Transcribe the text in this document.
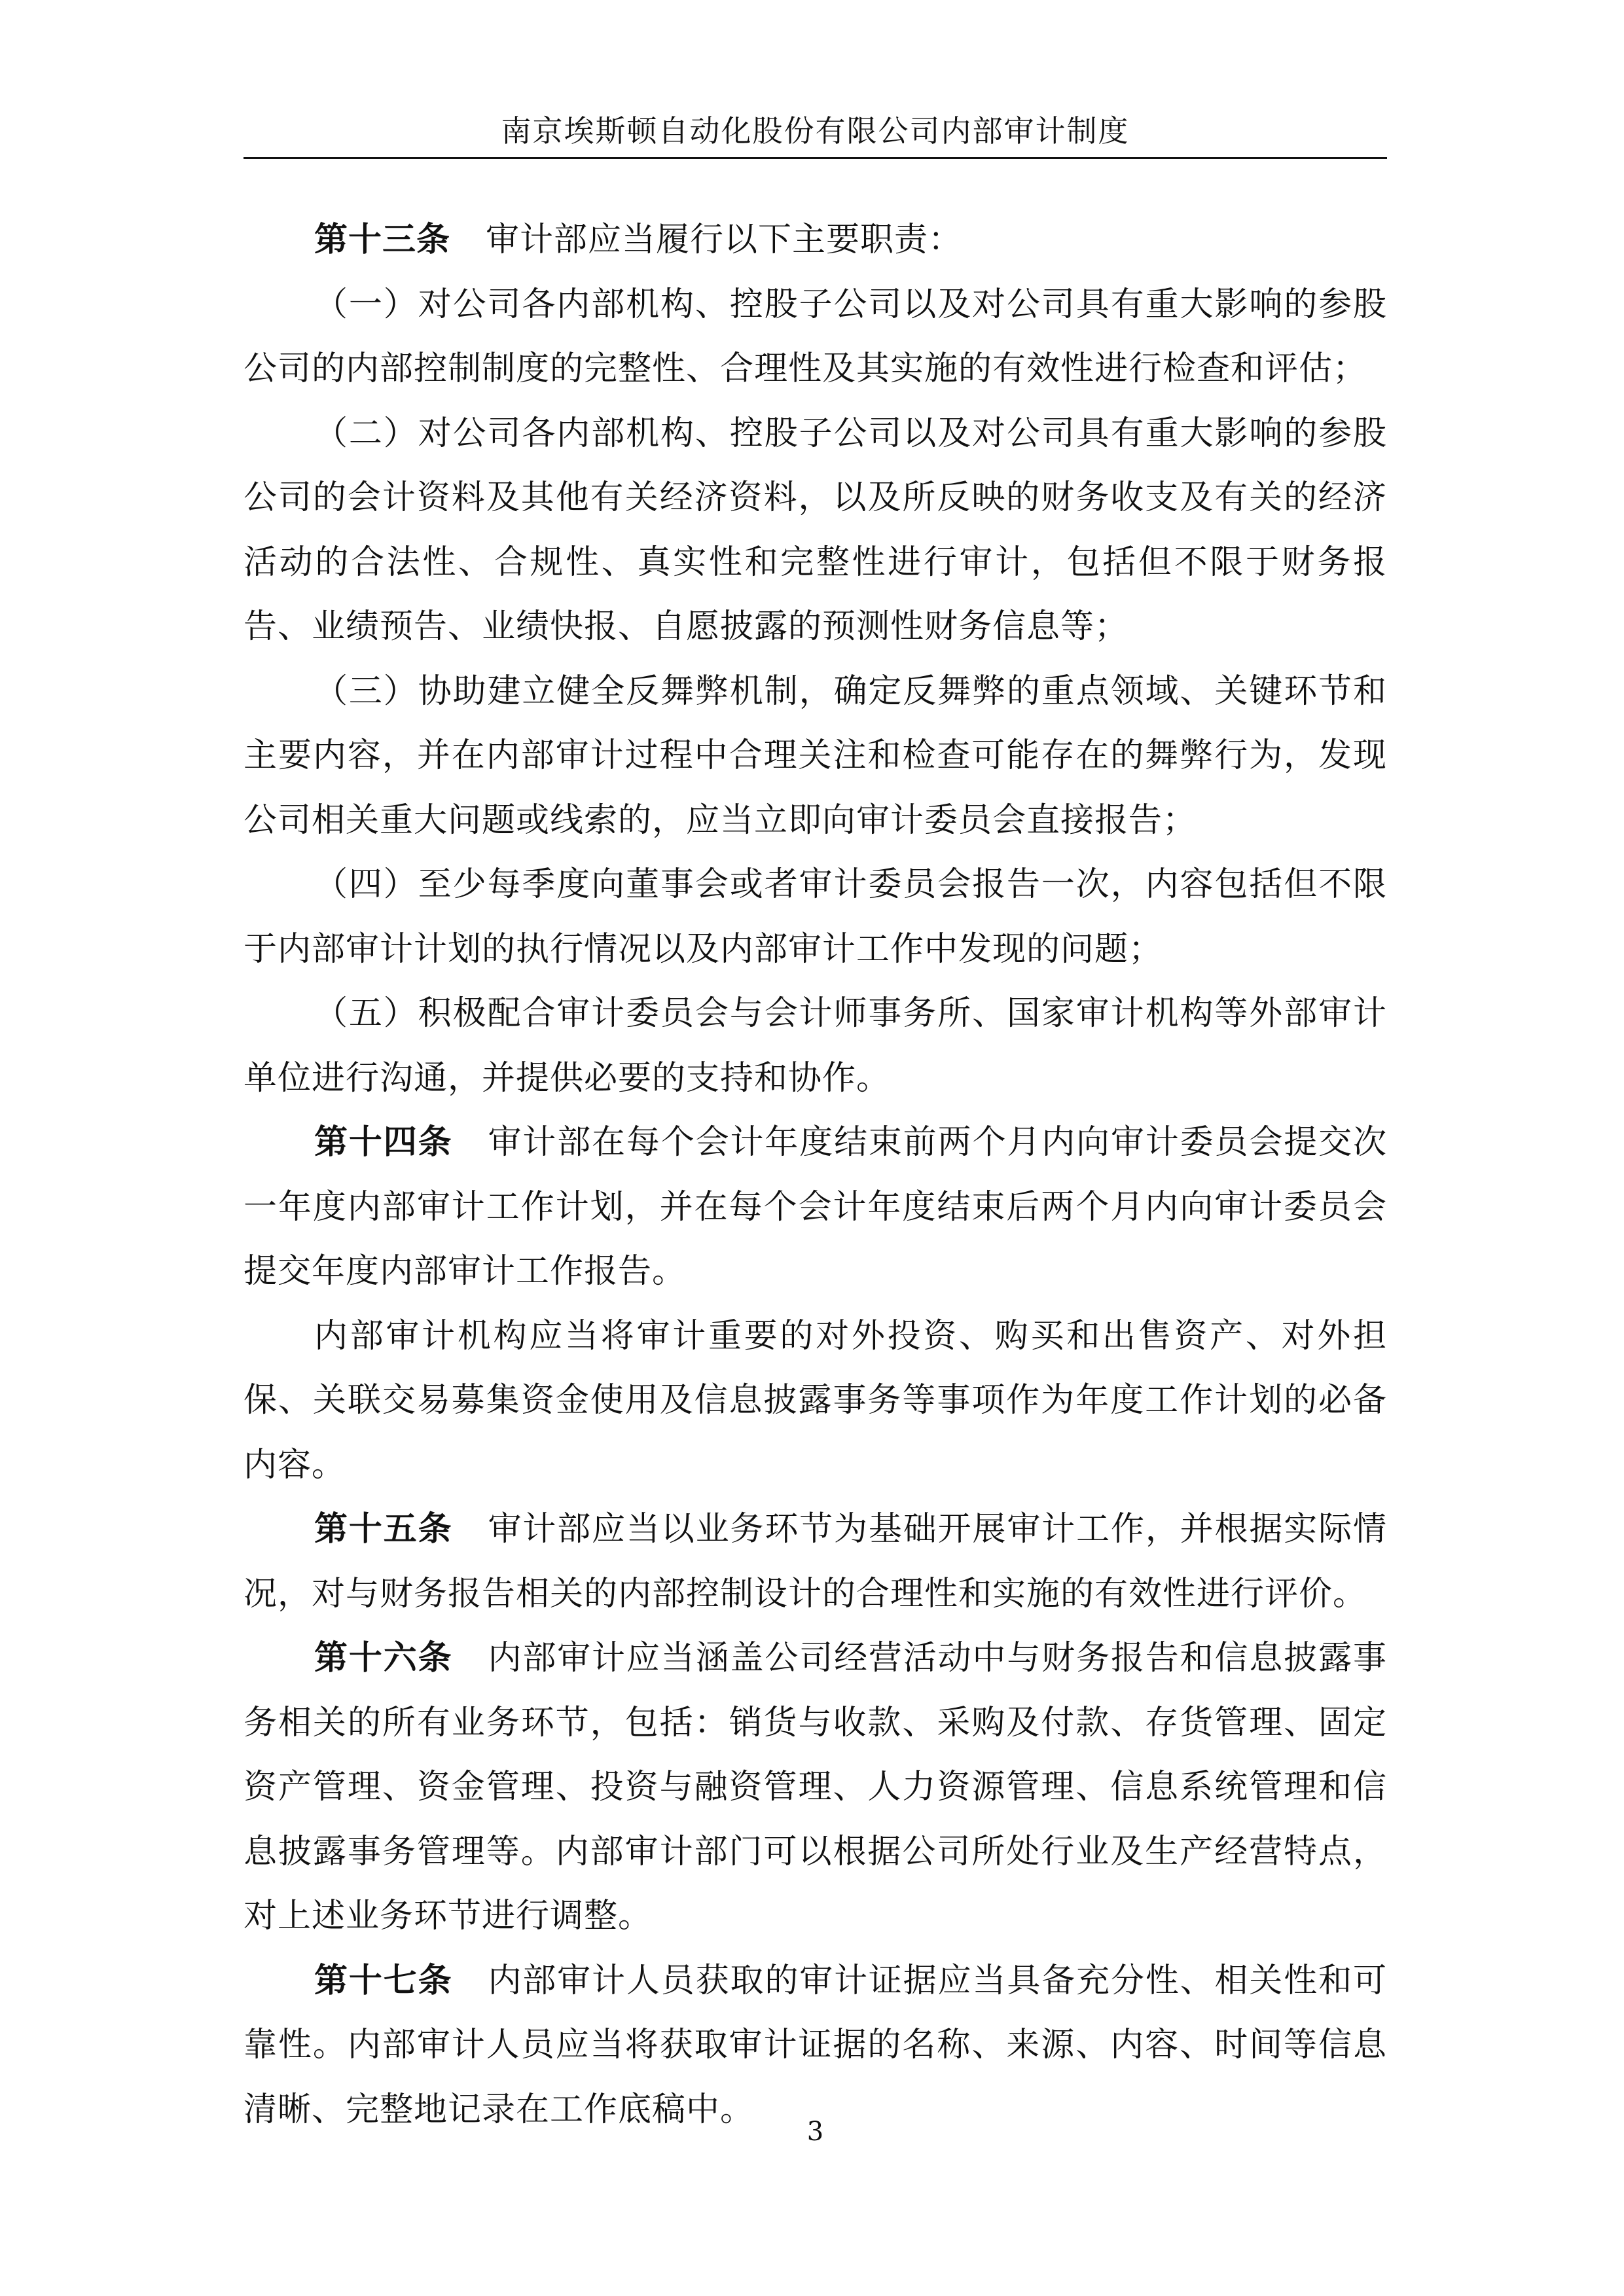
南京埃斯顿自动化股份有限公司内部审计制度

第十三条 审计部应当履行以下主要职责：

（一）对公司各内部机构、控股子公司以及对公司具有重大影响的参股公司的内部控制制度的完整性、合理性及其实施的有效性进行检查和评估；

（二）对公司各内部机构、控股子公司以及对公司具有重大影响的参股公司的会计资料及其他有关经济资料，以及所反映的财务收支及有关的经济活动的合法性、合规性、真实性和完整性进行审计，包括但不限于财务报告、业绩预告、业绩快报、自愿披露的预测性财务信息等；

（三）协助建立健全反舞弊机制，确定反舞弊的重点领域、关键环节和主要内容，并在内部审计过程中合理关注和检查可能存在的舞弊行为，发现公司相关重大问题或线索的，应当立即向审计委员会直接报告；

（四）至少每季度向董事会或者审计委员会报告一次，内容包括但不限于内部审计计划的执行情况以及内部审计工作中发现的问题；

（五）积极配合审计委员会与会计师事务所、国家审计机构等外部审计单位进行沟通，并提供必要的支持和协作。

第十四条 审计部在每个会计年度结束前两个月内向审计委员会提交次一年度内部审计工作计划，并在每个会计年度结束后两个月内向审计委员会提交年度内部审计工作报告。

内部审计机构应当将审计重要的对外投资、购买和出售资产、对外担保、关联交易募集资金使用及信息披露事务等事项作为年度工作计划的必备内容。

第十五条 审计部应当以业务环节为基础开展审计工作，并根据实际情况，对与财务报告相关的内部控制设计的合理性和实施的有效性进行评价。

第十六条 内部审计应当涵盖公司经营活动中与财务报告和信息披露事务相关的所有业务环节，包括：销货与收款、采购及付款、存货管理、固定资产管理、资金管理、投资与融资管理、人力资源管理、信息系统管理和信息披露事务管理等。内部审计部门可以根据公司所处行业及生产经营特点，对上述业务环节进行调整。

第十七条 内部审计人员获取的审计证据应当具备充分性、相关性和可靠性。内部审计人员应当将获取审计证据的名称、来源、内容、时间等信息清晰、完整地记录在工作底稿中。

3
